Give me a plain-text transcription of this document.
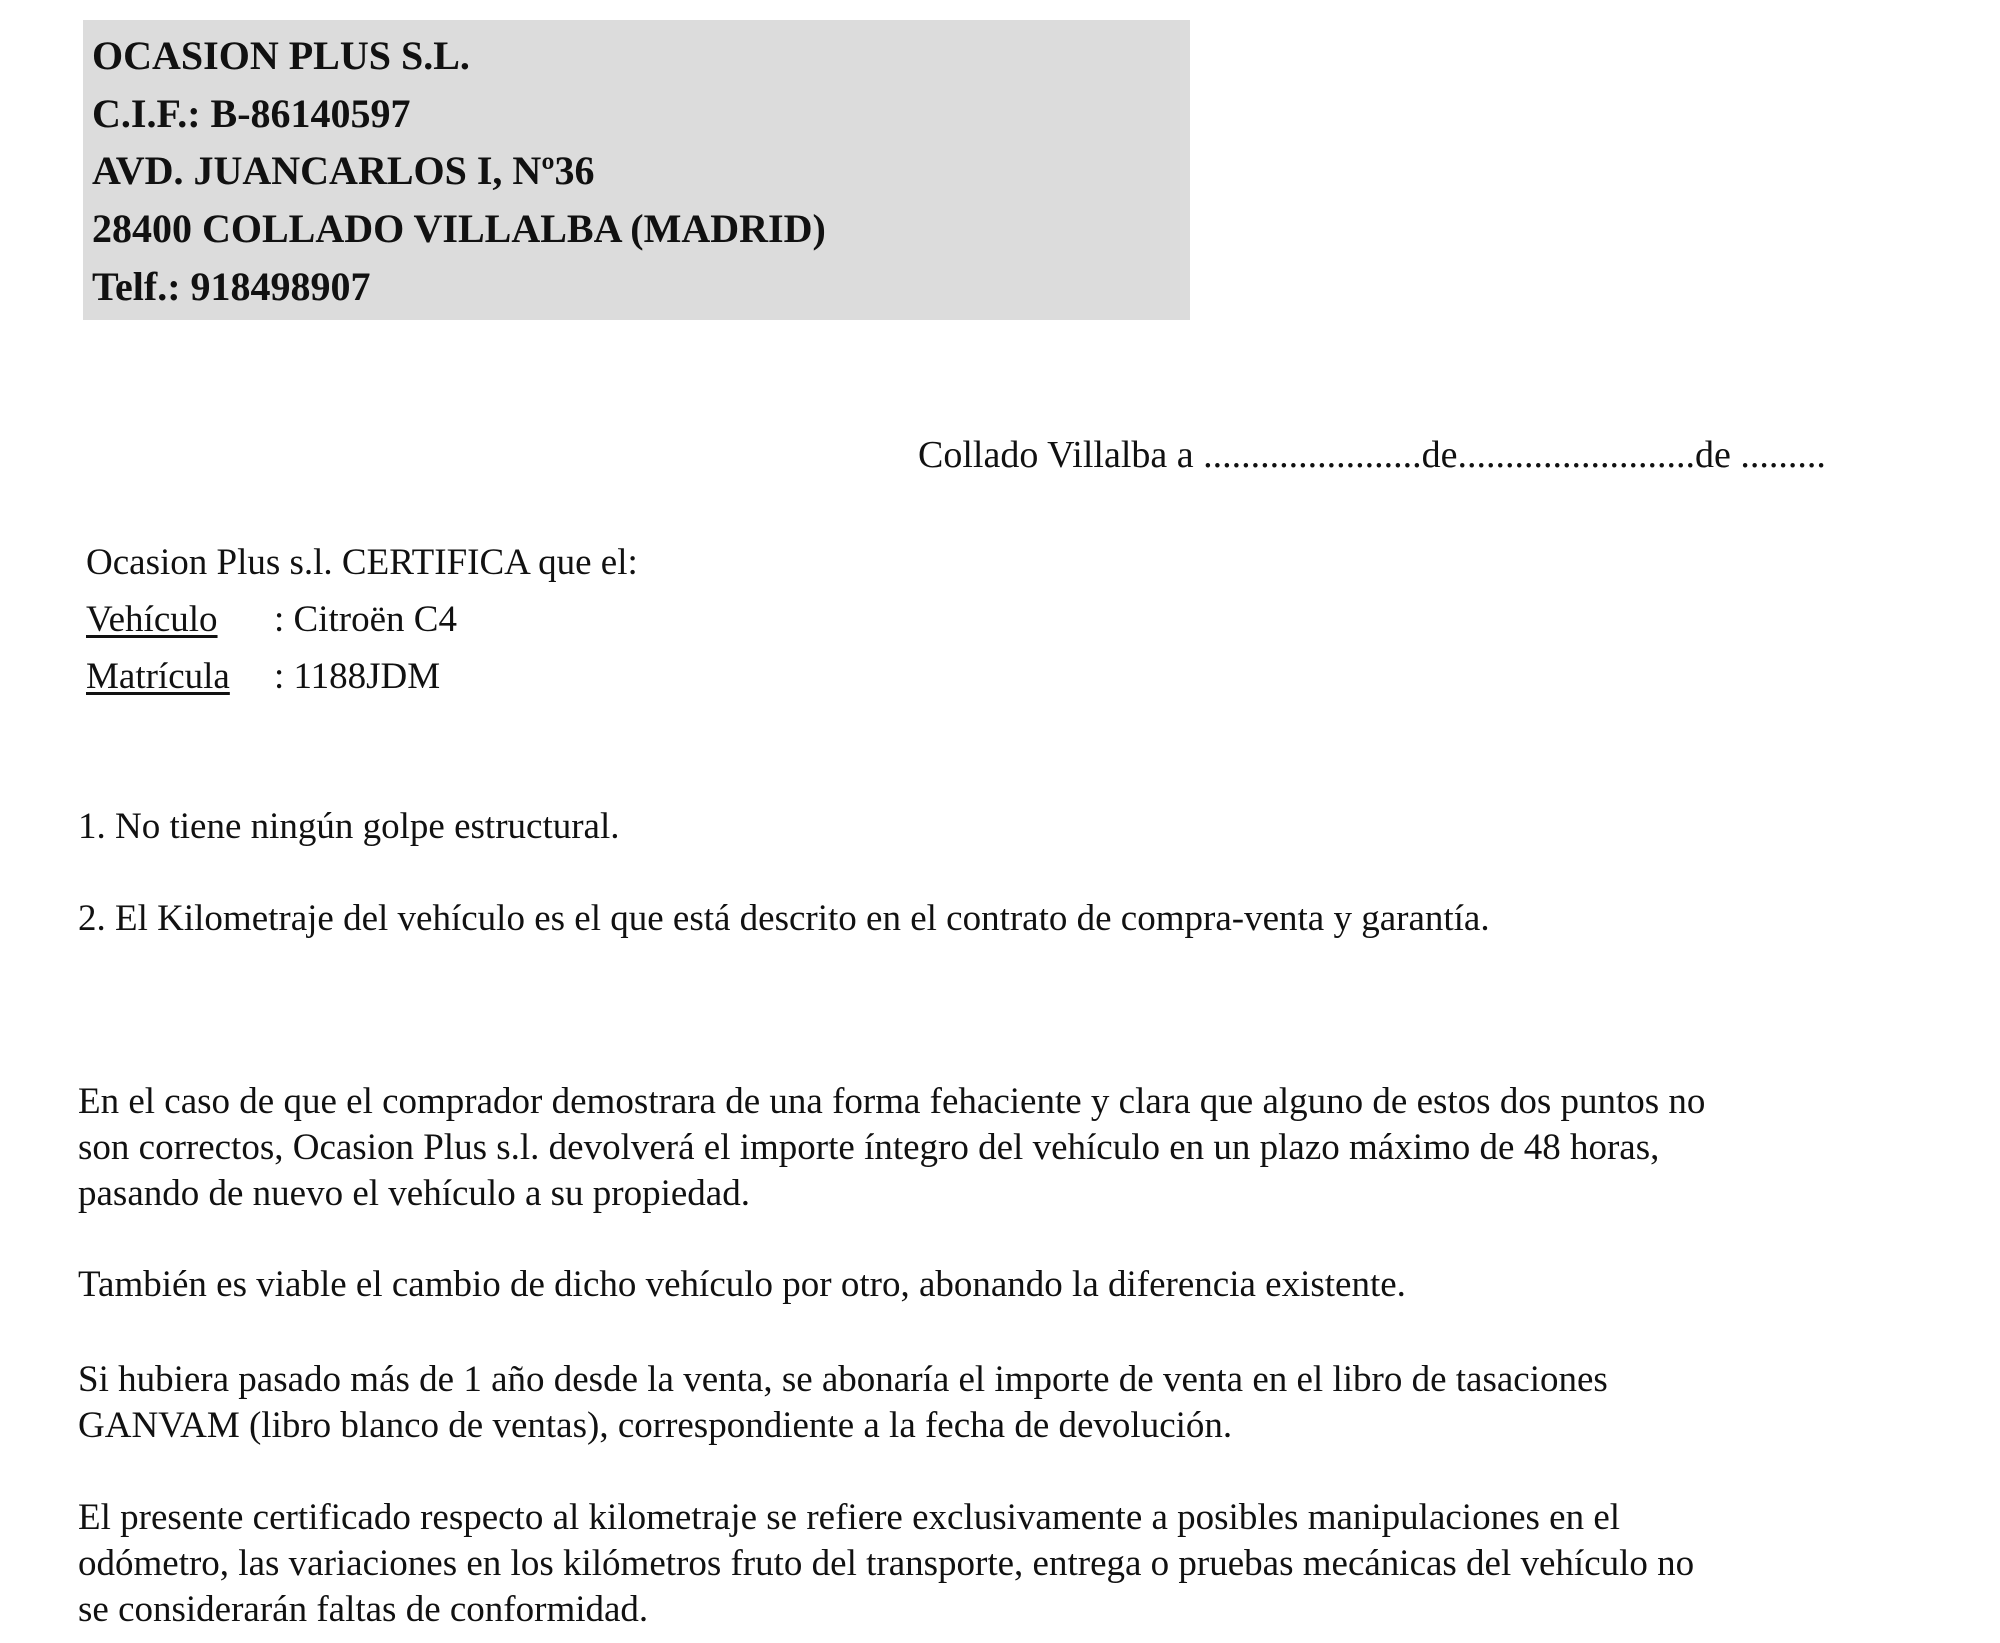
OCASION PLUS S.L.
C.I.F.: B-86140597
AVD. JUANCARLOS I, Nº36
28400 COLLADO VILLALBA (MADRID)
Telf.: 918498907
Collado Villalba a .......................de.........................de .........
Ocasion Plus s.l. CERTIFICA que el:
Vehículo : Citroën C4
Matrícula : 1188JDM
1. No tiene ningún golpe estructural.
2. El Kilometraje del vehículo es el que está descrito en el contrato de compra-venta y garantía.
En el caso de que el comprador demostrara de una forma fehaciente y clara que alguno de estos dos puntos no
son correctos, Ocasion Plus s.l. devolverá el importe íntegro del vehículo en un plazo máximo de 48 horas,
pasando de nuevo el vehículo a su propiedad.
También es viable el cambio de dicho vehículo por otro, abonando la diferencia existente.
Si hubiera pasado más de 1 año desde la venta, se abonaría el importe de venta en el libro de tasaciones
GANVAM (libro blanco de ventas), correspondiente a la fecha de devolución.
El presente certificado respecto al kilometraje se refiere exclusivamente a posibles manipulaciones en el
odómetro, las variaciones en los kilómetros fruto del transporte, entrega o pruebas mecánicas del vehículo no
se considerarán faltas de conformidad.
